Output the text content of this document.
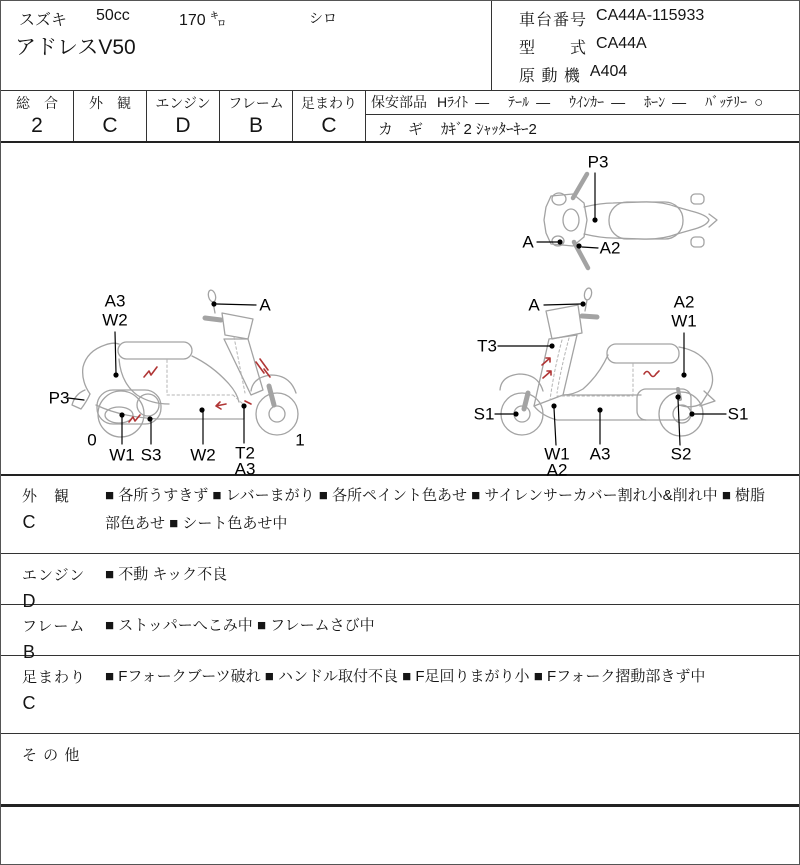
スズキ 50cc	170 ㌔	シロ
アドレスV50
車台番号 CA44A-115933
型　　式 CA44A
原 動 機 A404
総　合
2
外　観
C
エンジン
D
フレーム
B
足まわり
C
保安部品 Hﾗｲﾄ — ﾃｰﾙ — ｳｲﾝｶｰ — ﾎｰﾝ — ﾊﾞｯﾃﾘｰ ○
カ　ギ ｶｷﾞ2 ｼｬｯﾀｰｷｰ2
P3
A	A2
A3
W2
A
P3
0
W1 S3 W2 T2
A3
1
A	A2
W1
T3
S1
W1
A2
A3	S2
S1
外　観
C
■ 各所うすきず ■ レバーまがり ■ 各所ペイント色あせ ■ サイレンサーカバー割れ小&削れ中 ■ 樹脂部色あせ ■ シート色あせ中
エンジン
D
■ 不動 キック不良
フレーム
B
■ ストッパーへこみ中 ■ フレームさび中
足まわり
C
■ Fフォークブーツ破れ ■ ハンドル取付不良 ■ F足回りまがり小 ■ Fフォーク摺動部きず中
そ の 他
